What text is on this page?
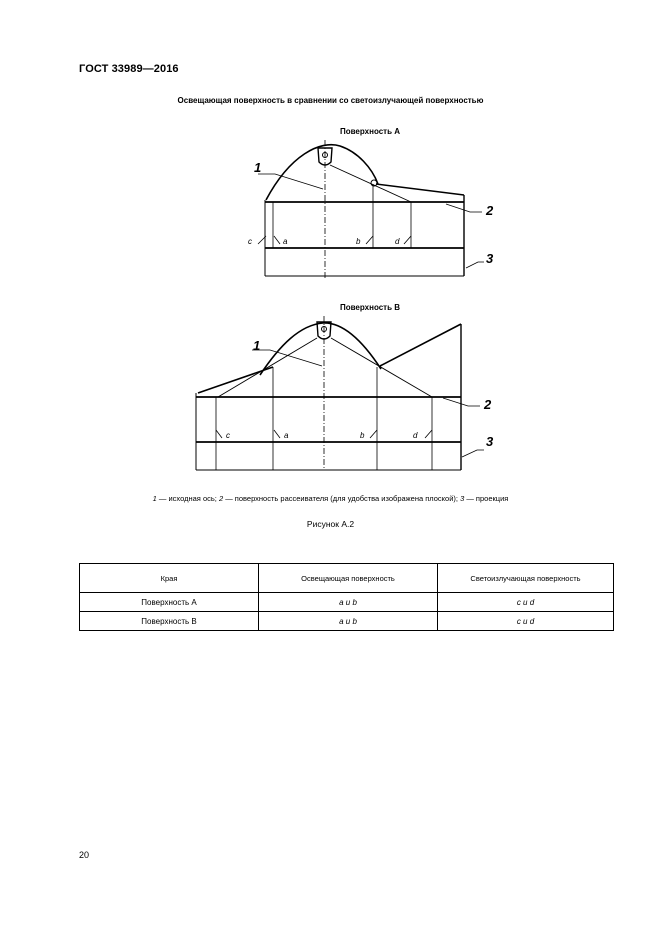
ГОСТ 33989—2016
Освещающая поверхность в сравнении со светоизлучающей поверхностью
Поверхность А
1
2
3
c	a	b	d
Поверхность В
1
2
3
c	a	b	d
1 — исходная ось; 2 — поверхность рассеивателя (для удобства изображена плоской); 3 — проекция
Рисунок А.2
Края	Освещающая поверхность	Светоизлучающая поверхность
Поверхность А	a и b	c и d
Поверхность В	a и b	c и d
20
